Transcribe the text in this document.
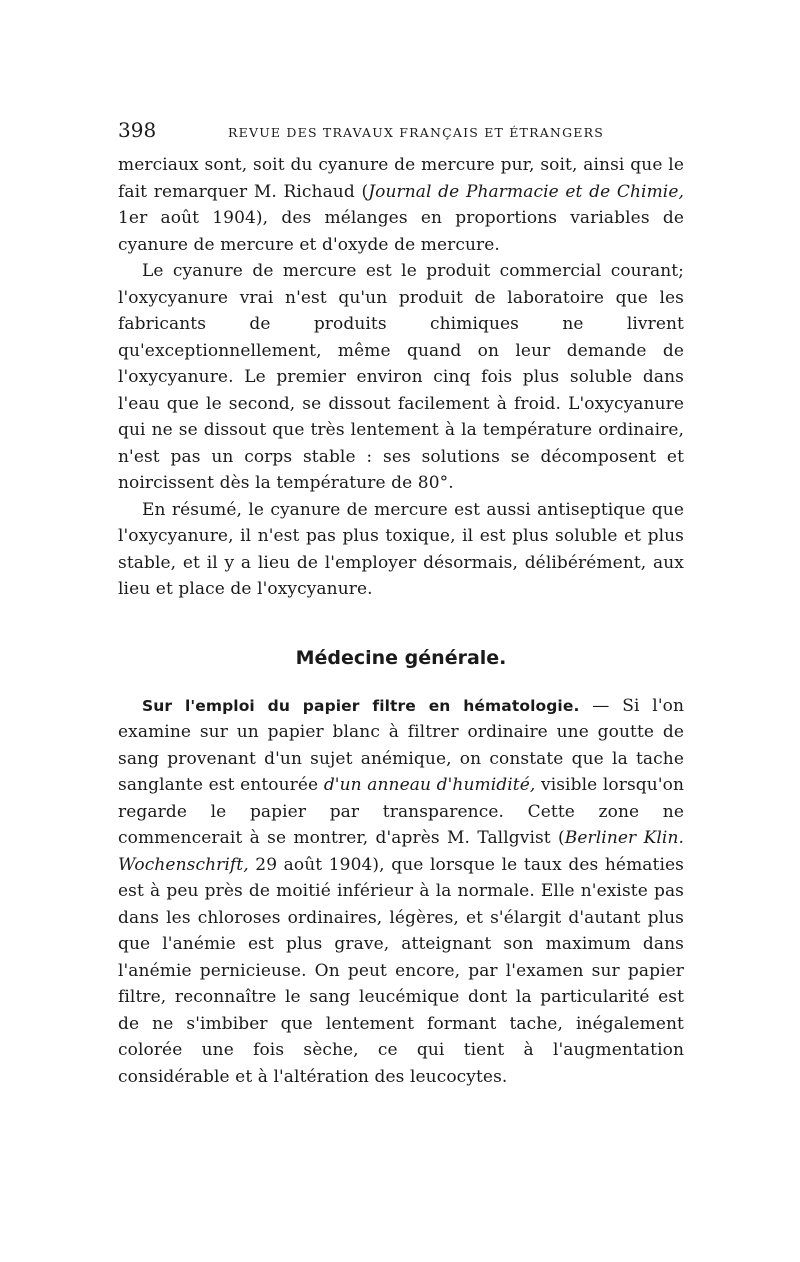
398	REVUE DES TRAVAUX FRANÇAIS ET ÉTRANGERS

merciaux sont, soit du cyanure de mercure pur, soit, ainsi que le fait remarquer M. Richaud (Journal de Pharmacie et de Chimie, 1er août 1904), des mélanges en proportions variables de cyanure de mercure et d'oxyde de mercure.

Le cyanure de mercure est le produit commercial courant; l'oxycyanure vrai n'est qu'un produit de laboratoire que les fabricants de produits chimiques ne livrent qu'exceptionnellement, même quand on leur demande de l'oxycyanure. Le premier environ cinq fois plus soluble dans l'eau que le second, se dissout facilement à froid. L'oxycyanure qui ne se dissout que très lentement à la température ordinaire, n'est pas un corps stable : ses solutions se décomposent et noircissent dès la température de 80°.

En résumé, le cyanure de mercure est aussi antiseptique que l'oxycyanure, il n'est pas plus toxique, il est plus soluble et plus stable, et il y a lieu de l'employer désormais, délibérément, aux lieu et place de l'oxycyanure.

Médecine générale.

Sur l'emploi du papier filtre en hématologie. — Si l'on examine sur un papier blanc à filtrer ordinaire une goutte de sang provenant d'un sujet anémique, on constate que la tache sanglante est entourée d'un anneau d'humidité, visible lorsqu'on regarde le papier par transparence. Cette zone ne commencerait à se montrer, d'après M. Tallgvist (Berliner Klin. Wochenschrift, 29 août 1904), que lorsque le taux des hématies est à peu près de moitié inférieur à la normale. Elle n'existe pas dans les chloroses ordinaires, légères, et s'élargit d'autant plus que l'anémie est plus grave, atteignant son maximum dans l'anémie pernicieuse. On peut encore, par l'examen sur papier filtre, reconnaître le sang leucémique dont la particularité est de ne s'imbiber que lentement formant tache, inégalement colorée une fois sèche, ce qui tient à l'augmentation considérable et à l'altération des leucocytes.
